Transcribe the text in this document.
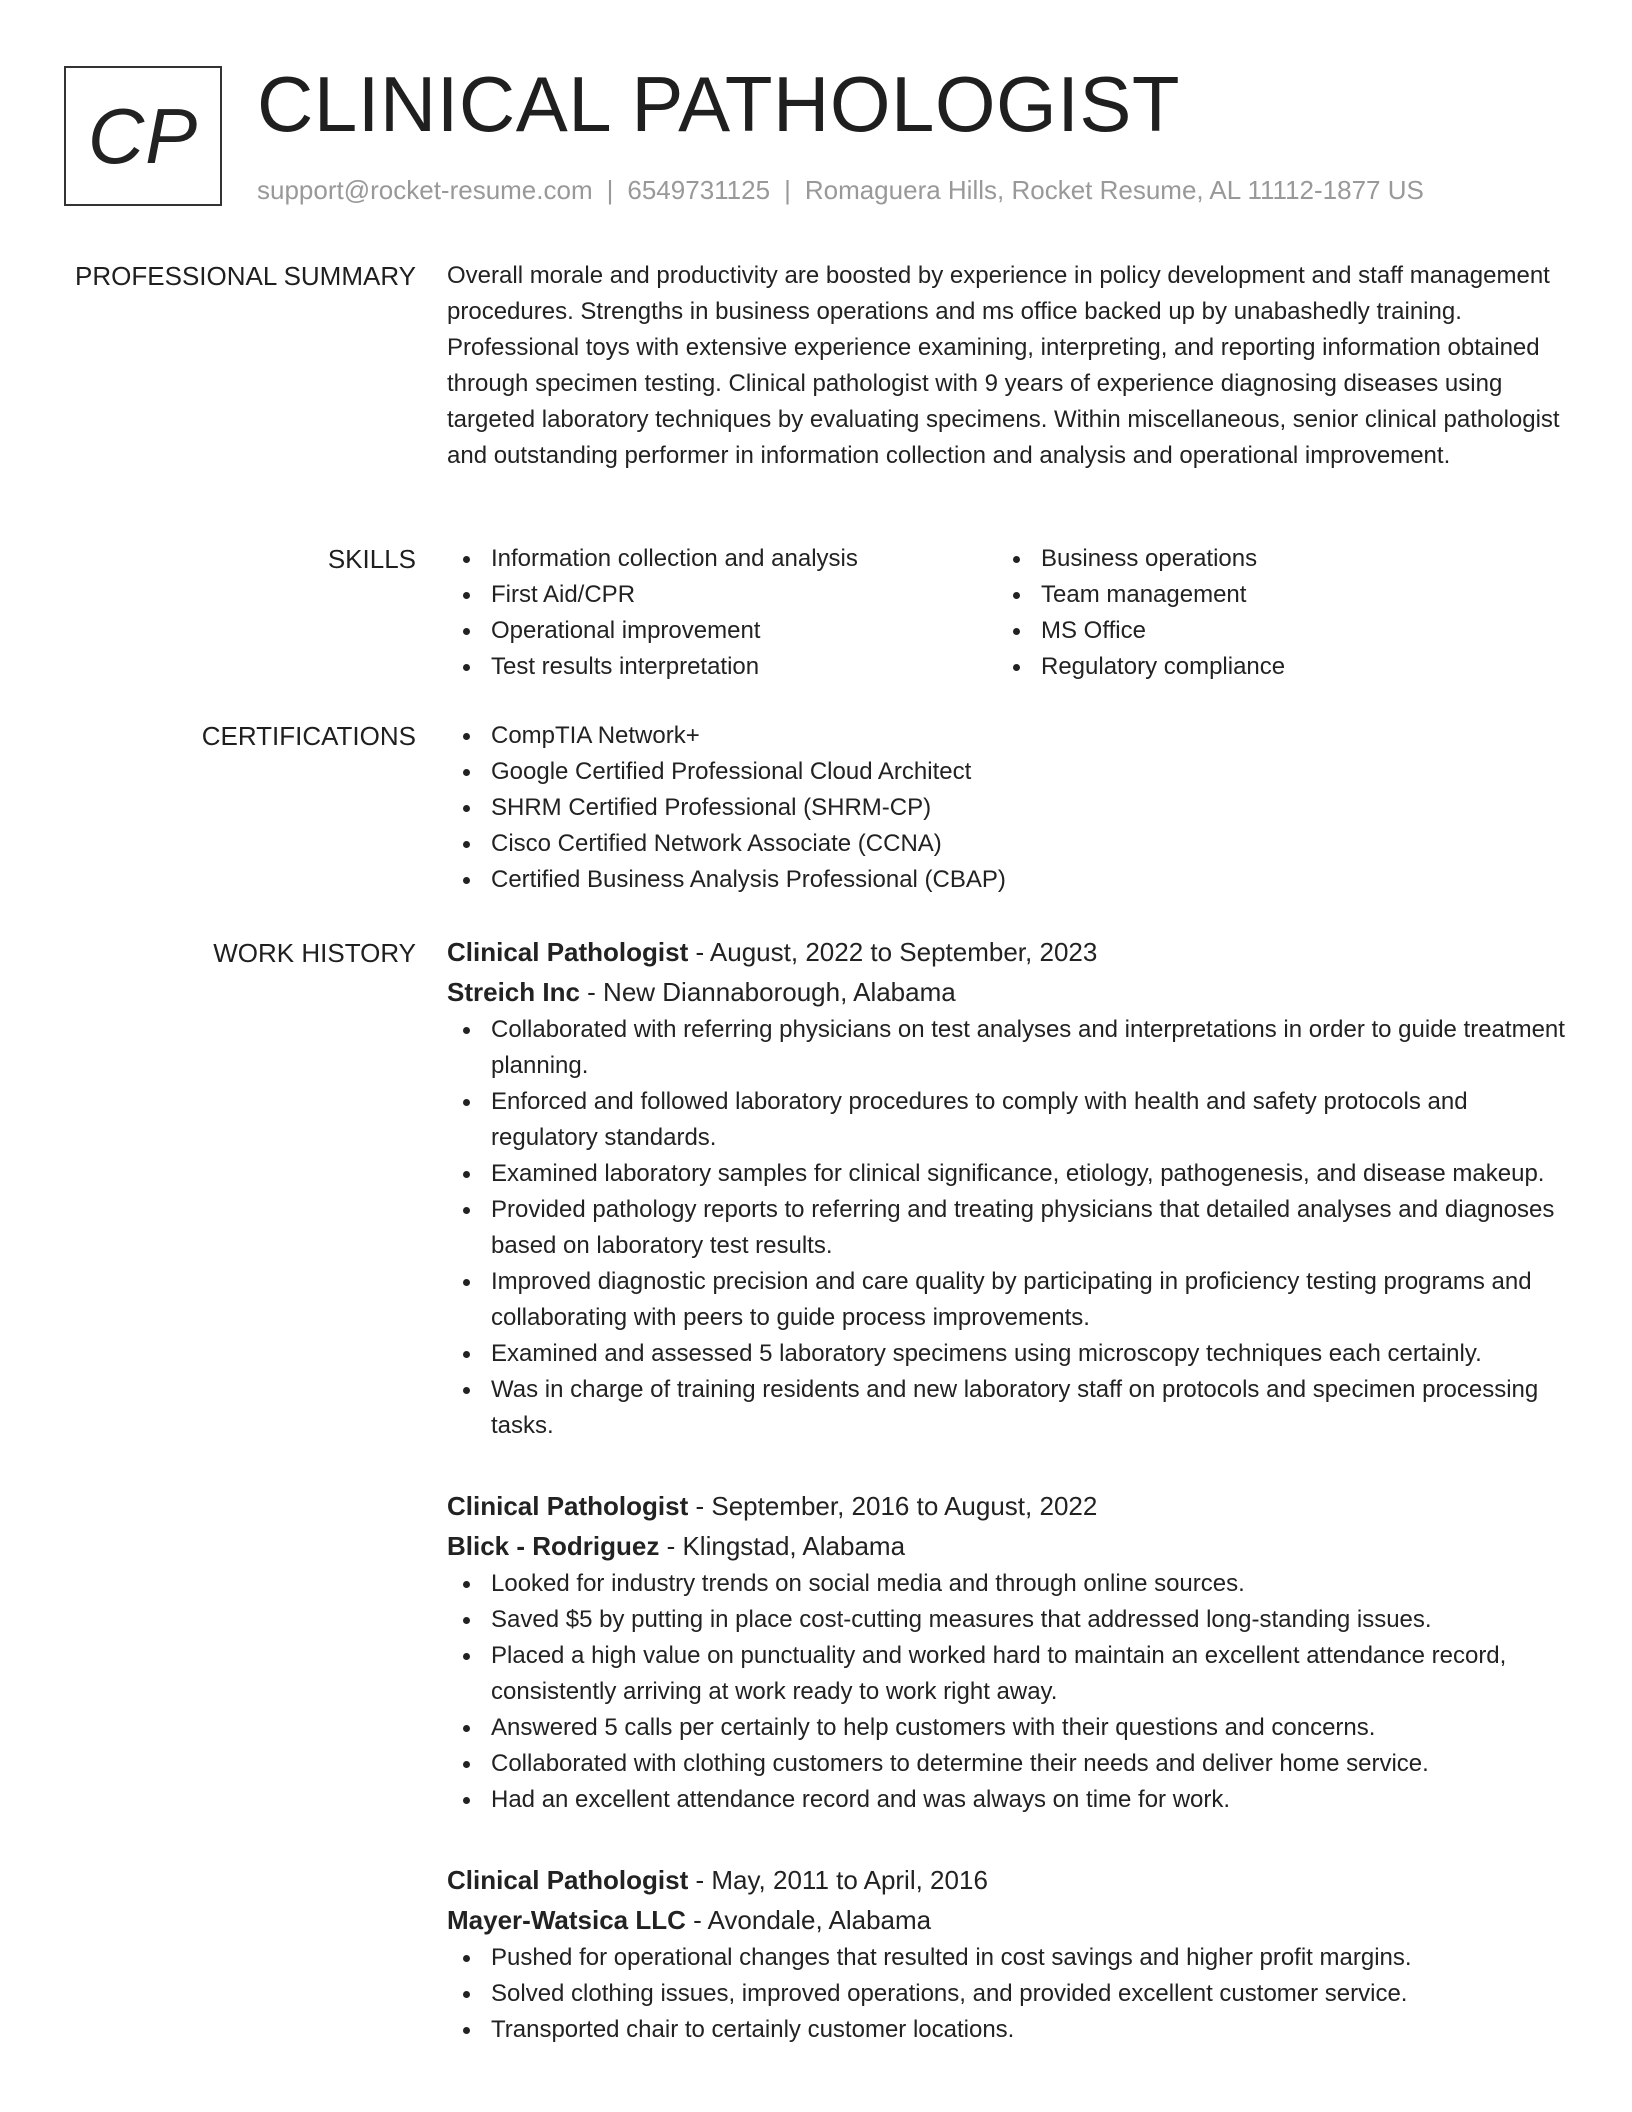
CP CLINICAL PATHOLOGIST
support@rocket-resume.com | 6549731125 | Romaguera Hills, Rocket Resume, AL 11112-1877 US
PROFESSIONAL SUMMARY Overall morale and productivity are boosted by experience in policy development and staff management procedures. Strengths in business operations and ms office backed up by unabashedly training. Professional toys with extensive experience examining, interpreting, and reporting information obtained through specimen testing. Clinical pathologist with 9 years of experience diagnosing diseases using targeted laboratory techniques by evaluating specimens. Within miscellaneous, senior clinical pathologist and outstanding performer in information collection and analysis and operational improvement.

SKILLS	Information collection and analysis
First Aid/CPR
Operational improvement
Test results interpretation
Business operations
Team management
MS Office
Regulatory compliance
CERTIFICATIONS	CompTIA Network+
Google Certified Professional Cloud Architect
SHRM Certified Professional (SHRM-CP)
Cisco Certified Network Associate (CCNA)
Certified Business Analysis Professional (CBAP)
WORK HISTORY Clinical Pathologist - August, 2022 to September, 2023
Streich Inc - New Diannaborough, Alabama
Collaborated with referring physicians on test analyses and interpretations in order to guide treatment planning.
Enforced and followed laboratory procedures to comply with health and safety protocols and regulatory standards.
Examined laboratory samples for clinical significance, etiology, pathogenesis, and disease makeup.
Provided pathology reports to referring and treating physicians that detailed analyses and diagnoses based on laboratory test results.
Improved diagnostic precision and care quality by participating in proficiency testing programs and collaborating with peers to guide process improvements.
Examined and assessed 5 laboratory specimens using microscopy techniques each certainly.
Was in charge of training residents and new laboratory staff on protocols and specimen processing tasks.
Clinical Pathologist - September, 2016 to August, 2022
Blick - Rodriguez - Klingstad, Alabama
Looked for industry trends on social media and through online sources.
Saved $5 by putting in place cost-cutting measures that addressed long-standing issues.
Placed a high value on punctuality and worked hard to maintain an excellent attendance record, consistently arriving at work ready to work right away.
Answered 5 calls per certainly to help customers with their questions and concerns.
Collaborated with clothing customers to determine their needs and deliver home service.
Had an excellent attendance record and was always on time for work.
Clinical Pathologist - May, 2011 to April, 2016
Mayer-Watsica LLC - Avondale, Alabama
Pushed for operational changes that resulted in cost savings and higher profit margins.
Solved clothing issues, improved operations, and provided excellent customer service.
Transported chair to certainly customer locations.
